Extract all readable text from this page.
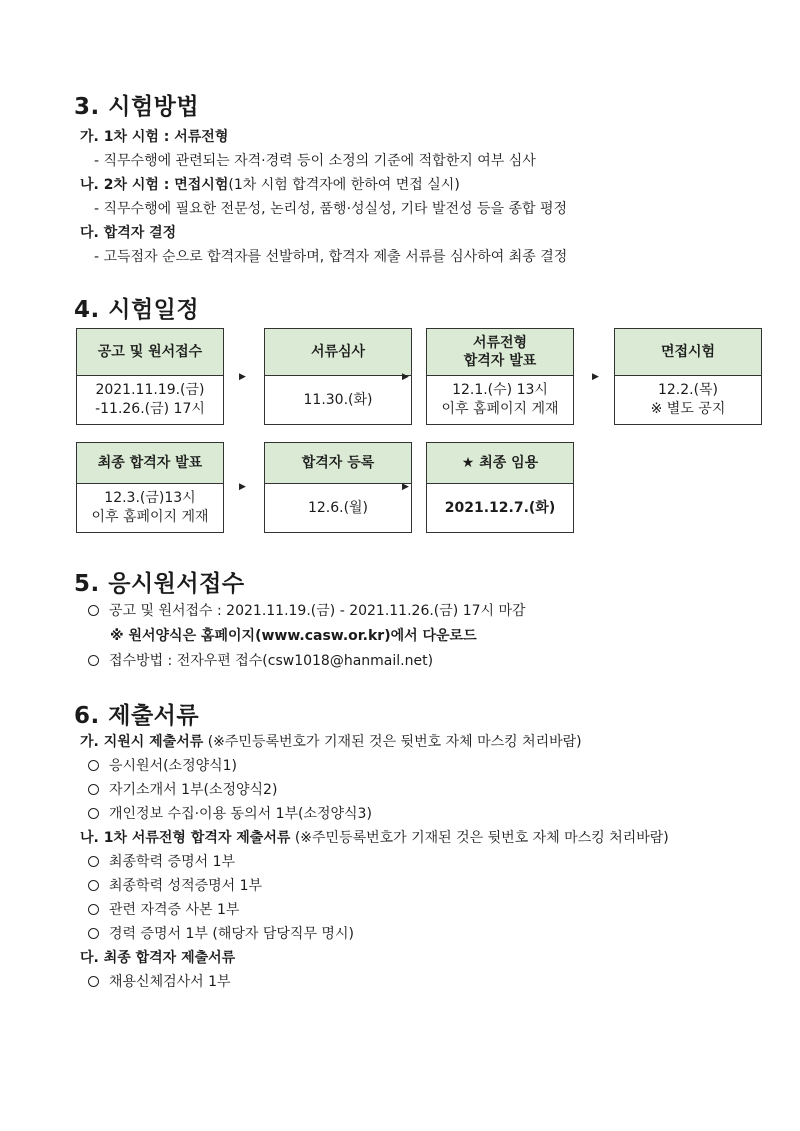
3. 시험방법
가. 1차 시험 : 서류전형
- 직무수행에 관련되는 자격·경력 등이 소정의 기준에 적합한지 여부 심사
나. 2차 시험 : 면접시험(1차 시험 합격자에 한하여 면접 실시)
- 직무수행에 필요한 전문성, 논리성, 품행·성실성, 기타 발전성 등을 종합 평정
다. 합격자 결정
- 고득점자 순으로 합격자를 선발하며, 합격자 제출 서류를 심사하여 최종 결정
4. 시험일정
공고 및 원서접수
2021.11.19.(금)
-11.26.(금) 17시
▶
서류심사
11.30.(화)
▶
서류전형
합격자 발표
12.1.(수) 13시
이후 홈페이지 게재
▶
면접시험
12.2.(목)
※ 별도 공지
최종 합격자 발표
12.3.(금)13시
이후 홈페이지 게재
▶
합격자 등록
12.6.(월)
▶
★ 최종 임용
2021.12.7.(화)
5. 응시원서접수
공고 및 원서접수 : 2021.11.19.(금) - 2021.11.26.(금) 17시 마감
※ 원서양식은 홈페이지(www.casw.or.kr)에서 다운로드
접수방법 : 전자우편 접수(csw1018@hanmail.net)
6. 제출서류
가. 지원시 제출서류 (※주민등록번호가 기재된 것은 뒷번호 자체 마스킹 처리바람)
응시원서(소정양식1)
자기소개서 1부(소정양식2)
개인정보 수집·이용 동의서 1부(소정양식3)
나. 1차 서류전형 합격자 제출서류 (※주민등록번호가 기재된 것은 뒷번호 자체 마스킹 처리바람)
최종학력 증명서 1부
최종학력 성적증명서 1부
관련 자격증 사본 1부
경력 증명서 1부 (해당자 담당직무 명시)
다. 최종 합격자 제출서류
채용신체검사서 1부
